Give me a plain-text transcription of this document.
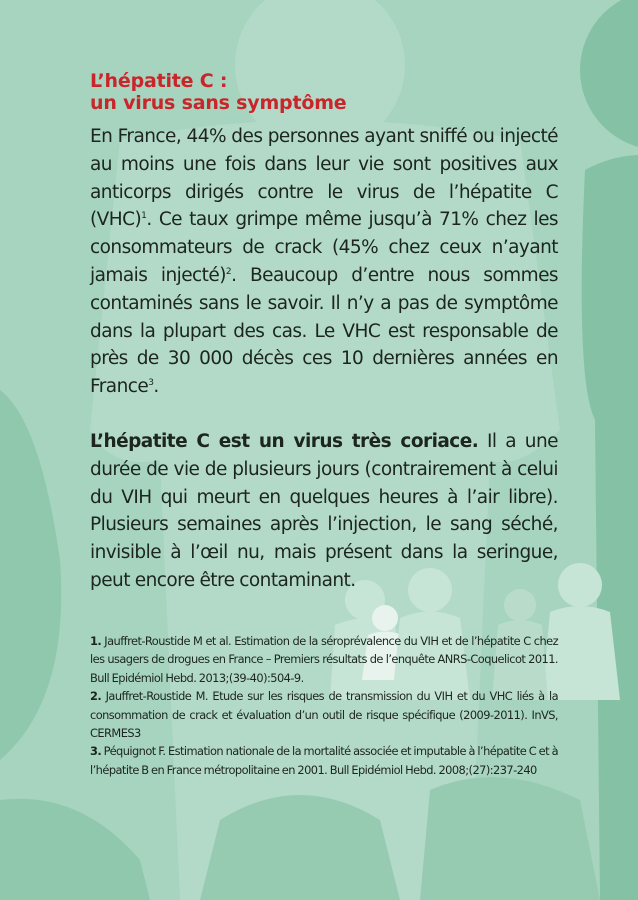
L’hépatite C :
un virus sans symptôme

En France, 44% des personnes ayant sniffé ou injecté au moins une fois dans leur vie sont positives aux anticorps dirigés contre le virus de l’hépatite C (VHC)$^1$. Ce taux grimpe même jusqu’à 71% chez les consommateurs de crack (45% chez ceux n’ayant jamais injecté)$^2$. Beaucoup d’entre nous sommes contaminés sans le savoir. Il n’y a pas de symptôme dans la plupart des cas. Le VHC est responsable de près de 30 000 décès ces 10 dernières années en France$^3$.

L’hépatite C est un virus très coriace. Il a une durée de vie de plusieurs jours (contrairement à celui du VIH qui meurt en quelques heures à l’air libre). Plusieurs semaines après l’injection, le sang séché, invisible à l’œil nu, mais présent dans la seringue, peut encore être contaminant.

1. Jauffret-Roustide M et al. Estimation de la séroprévalence du VIH et de l’hépatite C chez les usagers de drogues en France – Premiers résultats de l’enquête ANRS-Coquelicot 2011. Bull Epidémiol Hebd. 2013;(39-40):504-9.

2. Jauffret-Roustide M. Etude sur les risques de transmission du VIH et du VHC liés à la consommation de crack et évaluation d’un outil de risque spécifique (2009-2011). InVS, CERMES3

3. Péquignot F. Estimation nationale de la mortalité associée et imputable à l’hépatite C et à l’hépatite B en France métropolitaine en 2001. Bull Epidémiol Hebd. 2008;(27):237-240
